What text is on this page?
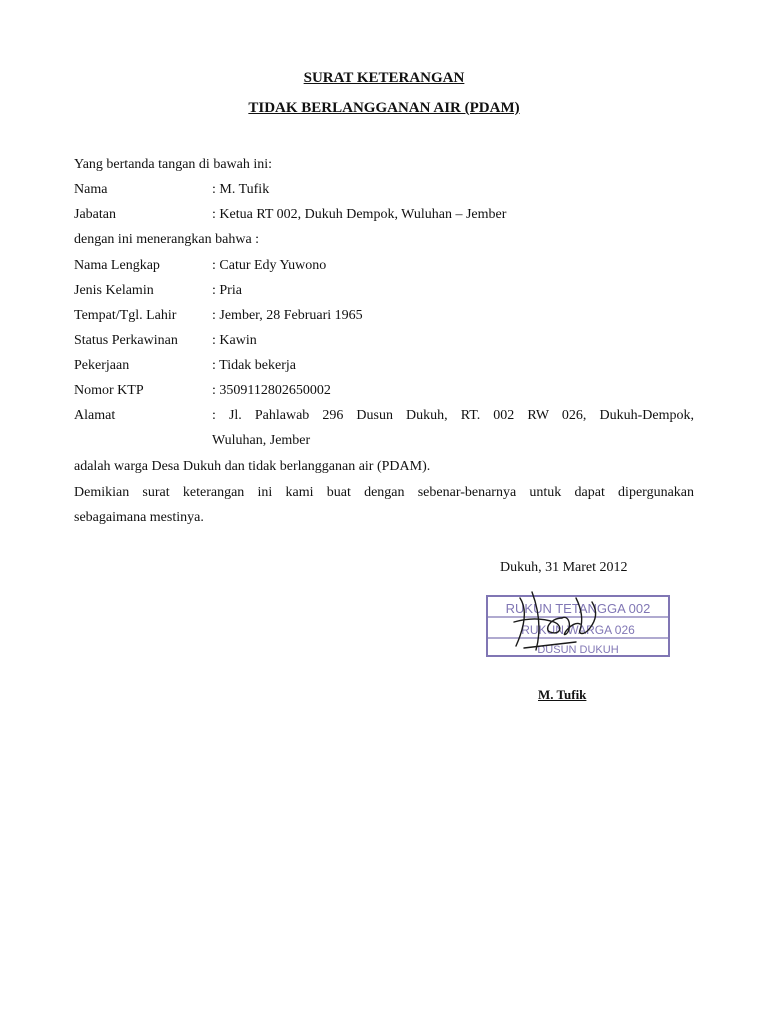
SURAT KETERANGAN
TIDAK BERLANGGANAN AIR (PDAM)
Yang bertanda tangan di bawah ini:
Nama	: M. Tufik
Jabatan	: Ketua RT 002, Dukuh Dempok, Wuluhan – Jember
dengan ini menerangkan bahwa :
Nama Lengkap	: Catur Edy Yuwono
Jenis Kelamin	: Pria
Tempat/Tgl. Lahir	: Jember, 28 Februari 1965
Status Perkawinan : Kawin
Pekerjaan	: Tidak bekerja
Nomor KTP	: 3509112802650002
Alamat	: Jl. Pahlawab 296 Dusun Dukuh, RT. 002 RW 026, Dukuh-Dempok,
Wuluhan, Jember
adalah warga Desa Dukuh dan tidak berlangganan air (PDAM).
Demikian surat keterangan ini kami buat dengan sebenar-benarnya untuk dapat dipergunakan
sebagaimana mestinya.
Dukuh, 31 Maret 2012
RUKUN TETANGGA 002
RUKUN WARGA 026
DUSUN DUKUH
M. Tufik
